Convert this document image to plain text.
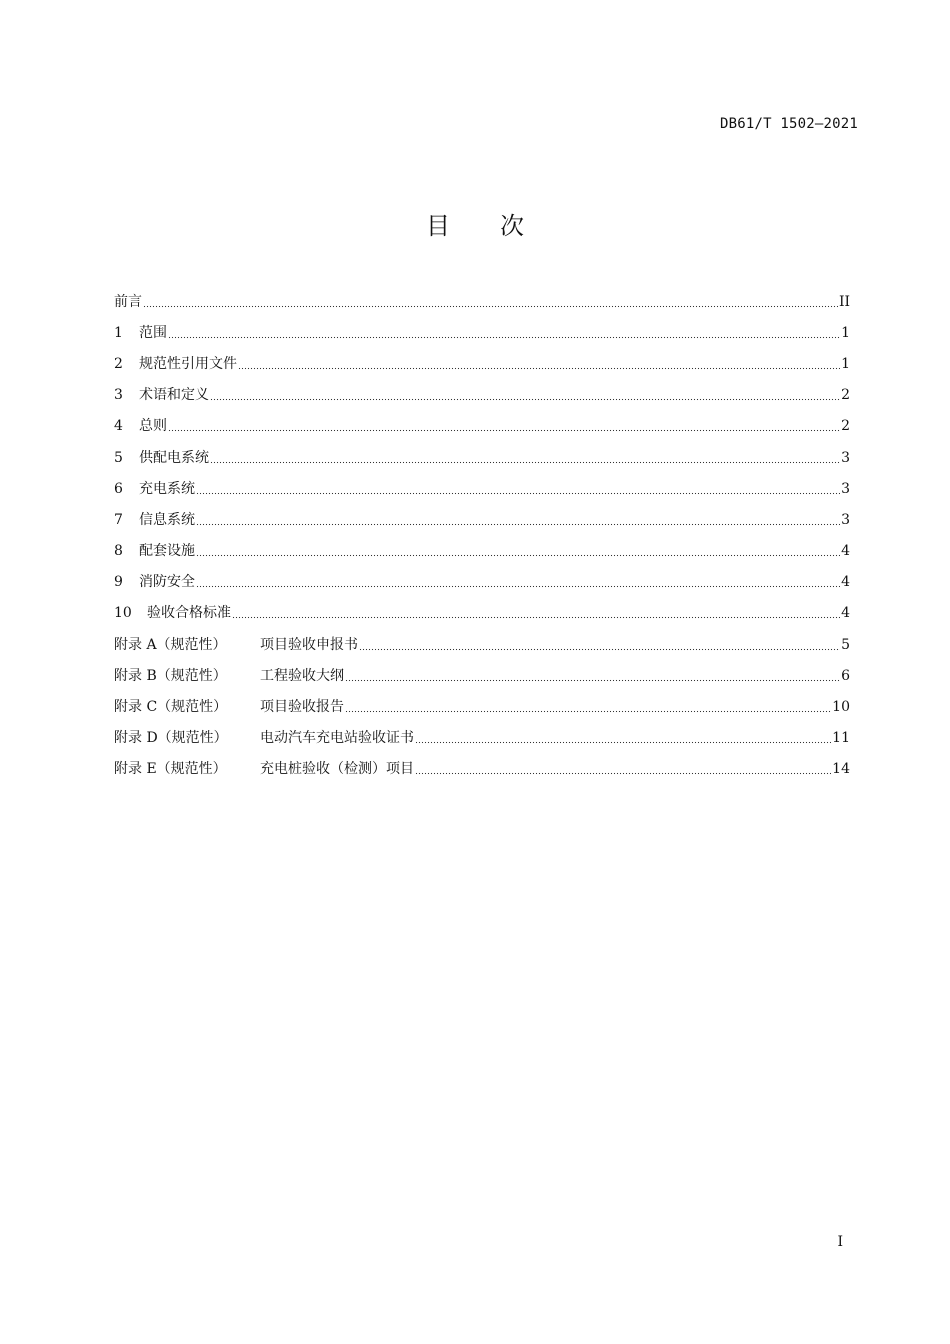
DB61/T 1502—2021
目 次
前言	II
1	范围	1
2	规范性引用文件	1
3	术语和定义	2
4	总则	2
5	供配电系统	3
6	充电系统	3
7	信息系统	3
8	配套设施	4
9	消防安全	4
10	验收合格标准	4
附录 A（规范性）	项目验收申报书	5
附录 B（规范性）	工程验收大纲	6
附录 C（规范性）	项目验收报告	10
附录 D（规范性）	电动汽车充电站验收证书	11
附录 E（规范性）	充电桩验收（检测）项目	14
I
